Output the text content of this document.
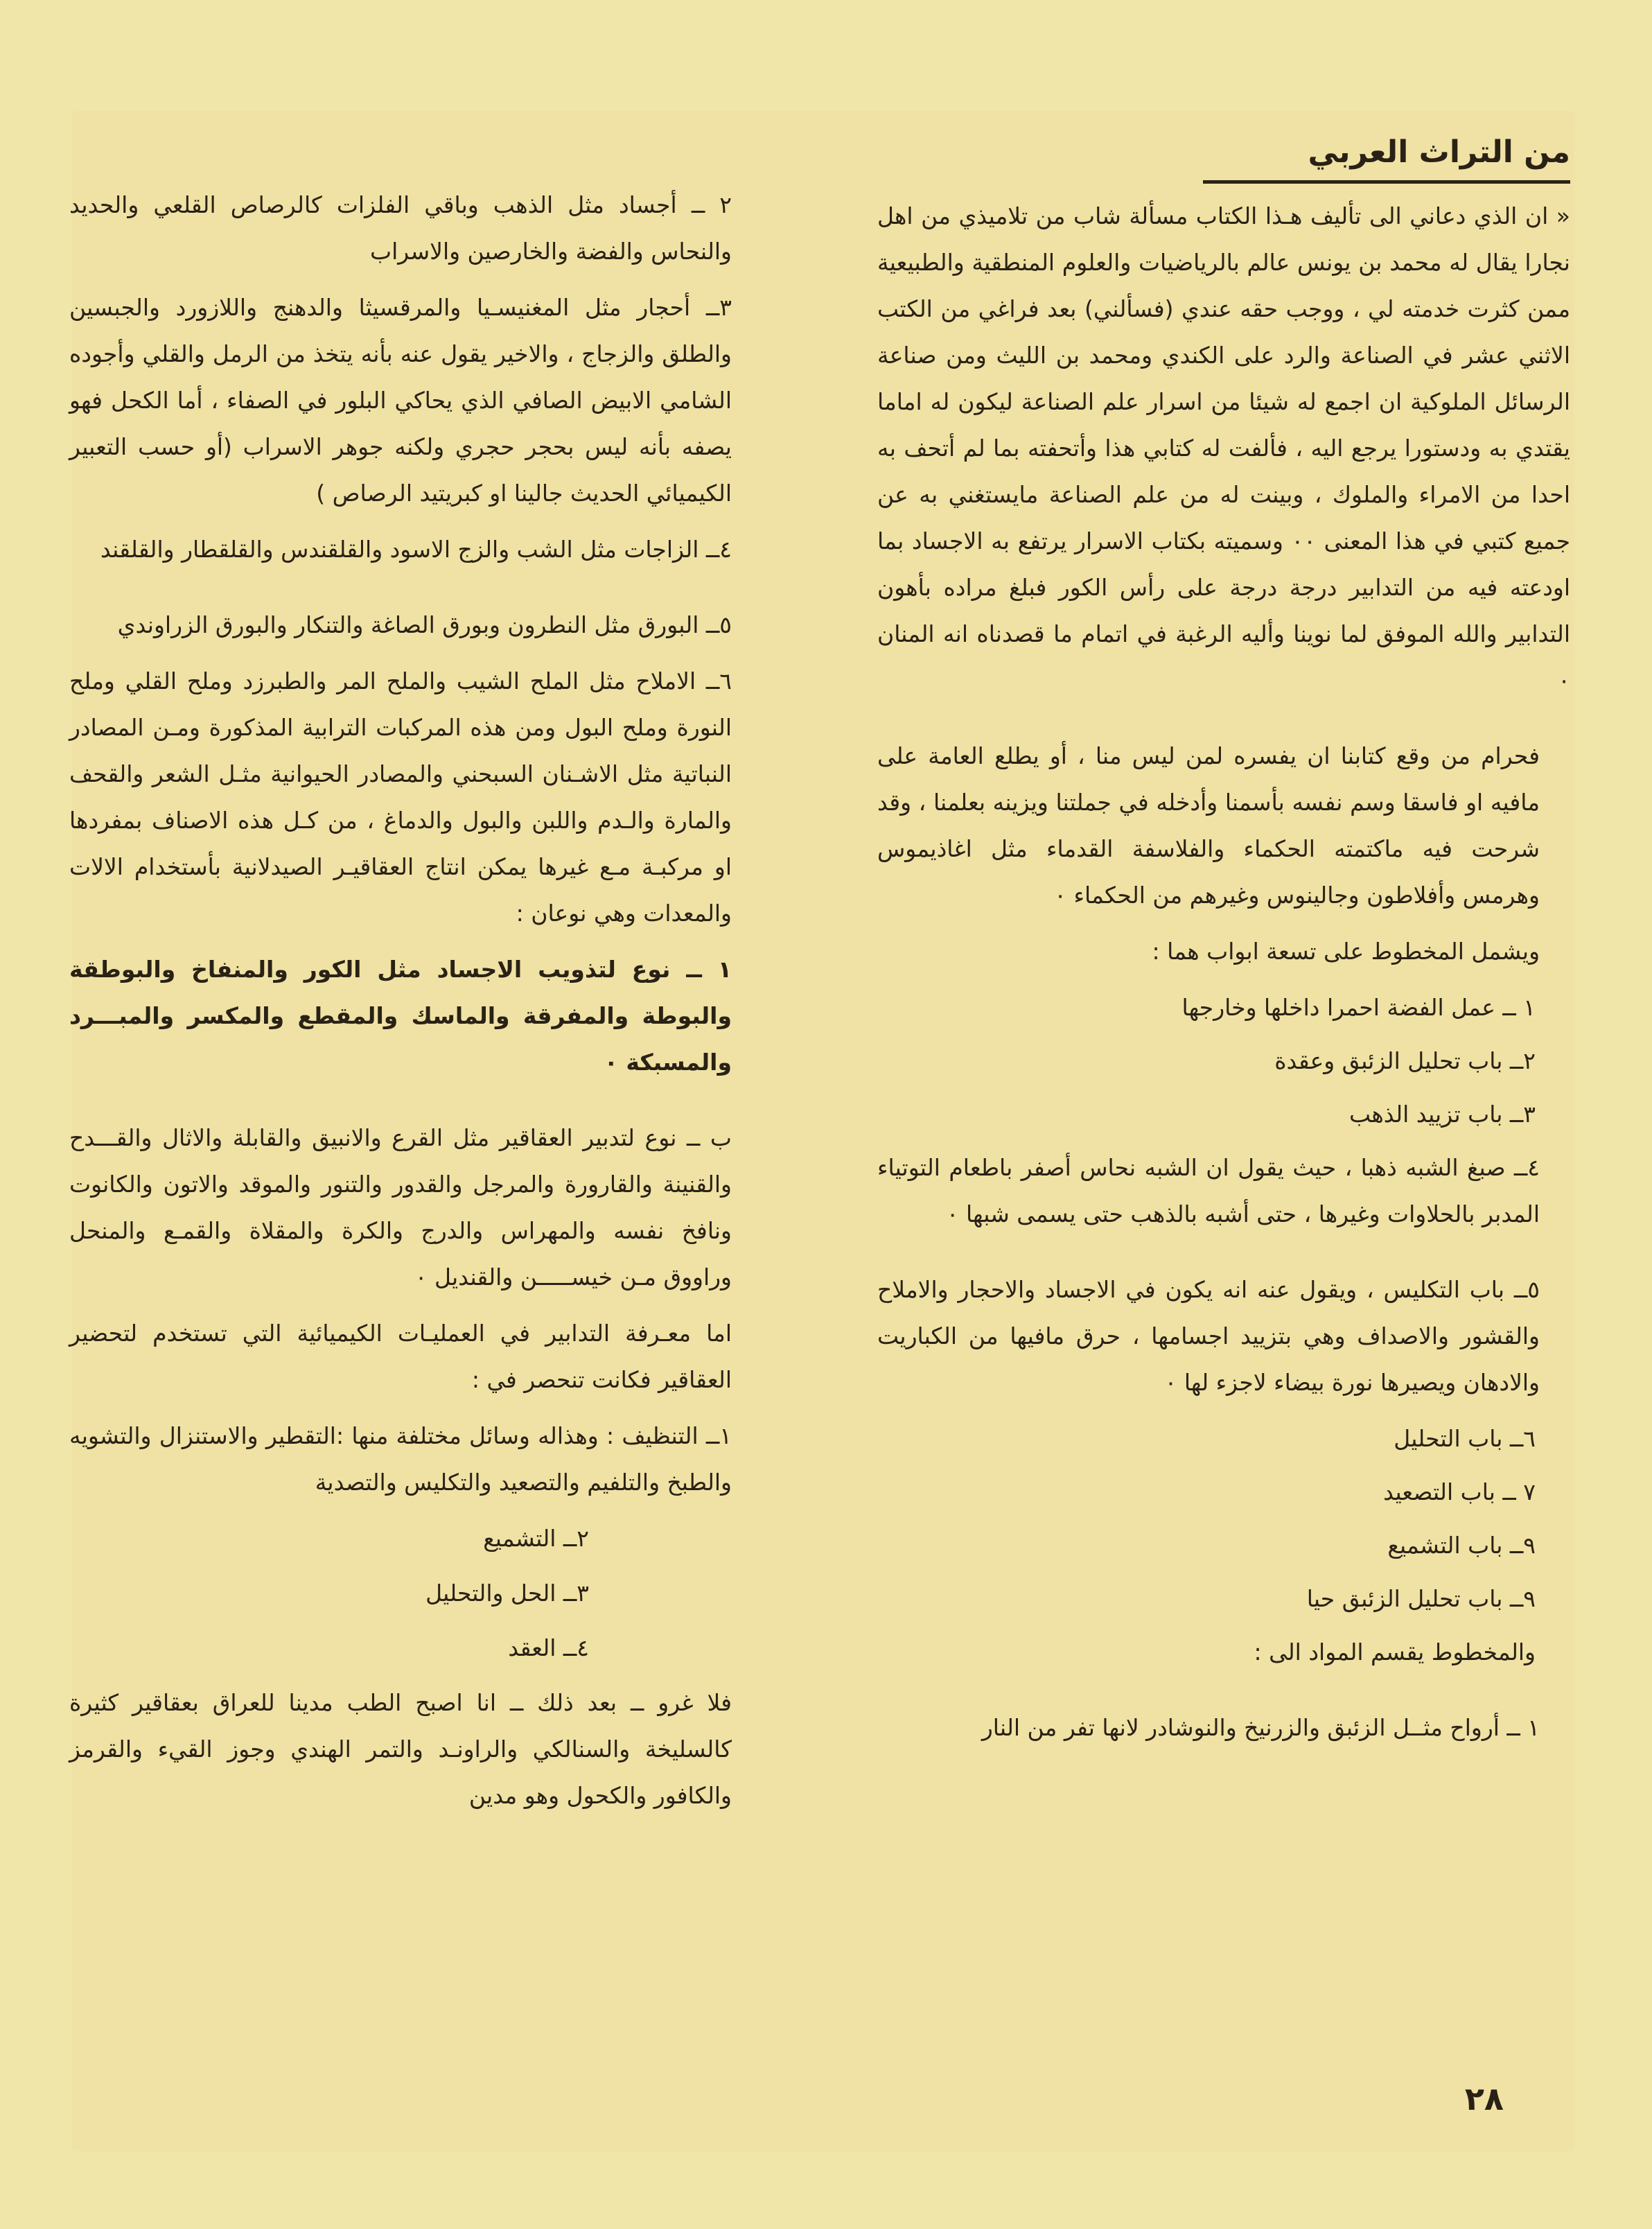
من التراث العربي

« ان الذي دعاني الى تأليف هـذا الكتاب مسألة شاب من تلاميذي من اهل نجارا يقال له محمد بن يونس عالم بالرياضيات والعلوم المنطقية والطبيعية ممن كثرت خدمته لي ، ووجب حقه عندي (فسألني) بعد فراغي من الكتب الاثني عشر في الصناعة والرد على الكندي ومحمد بن الليث ومن صناعة الرسائل الملوكية ان اجمع له شيئا من اسرار علم الصناعة ليكون له اماما يقتدي به ودستورا يرجع اليه ، فألفت له كتابي هذا وأتحفته بما لم أتحف به احدا من الامراء والملوك ، وبينت له من علم الصناعة مايستغني به عن جميع كتبي في هذا المعنى ٠٠ وسميته بكتاب الاسرار يرتفع به الاجساد بما اودعته فيه من التدابير درجة درجة على رأس الكور فبلغ مراده بأهون التدابير والله الموفق لما نوينا وأليه الرغبة في اتمام ما قصدناه انه المنان ٠

فحرام من وقع كتابنا ان يفسره لمن ليس منا ، أو يطلع العامة على مافيه او فاسقا وسم نفسه بأسمنا وأدخله في جملتنا ويزينه بعلمنا ، وقد شرحت فيه ماكتمته الحكماء والفلاسفة القدماء مثل اغاذيموس وهرمس وأفلاطون وجالينوس وغيرهم من الحكماء ٠

ويشمل المخطوط على تسعة ابواب هما :

١ ــ عمل الفضة احمرا داخلها وخارجها

٢ــ باب تحليل الزئبق وعقدة

٣ــ باب تزييد الذهب

٤ــ صبغ الشبه ذهبا ، حيث يقول ان الشبه نحاس أصفر باطعام التوتياء المدبر بالحلاوات وغيرها ، حتى أشبه بالذهب حتى يسمى شبها ٠

٥ــ باب التكليس ، ويقول عنه انه يكون في الاجساد والاحجار والاملاح والقشور والاصداف وهي بتزييد اجسامها ، حرق مافيها من الكباريت والادهان ويصيرها نورة بيضاء لاجزء لها ٠

٦ــ باب التحليل

٧ ــ باب التصعيد

٩ــ باب التشميع

٩ــ باب تحليل الزئبق حيا

والمخطوط يقسم المواد الى :

١ ــ أرواح مثــل الزئبق والزرنيخ والنوشادر لانها تفر من النار

٢ ــ أجساد مثل الذهب وباقي الفلزات كالرصاص القلعي والحديد والنحاس والفضة والخارصين والاسراب

٣ــ أحجار مثل المغنيسـيا والمرقسيثا والدهنج واللازورد والجبسين والطلق والزجاج ، والاخير يقول عنه بأنه يتخذ من الرمل والقلي وأجوده الشامي الابيض الصافي الذي يحاكي البلور في الصفاء ، أما الكحل فهو يصفه بأنه ليس بحجر حجري ولكنه جوهر الاسراب (أو حسب التعبير الكيميائي الحديث جالينا او كبريتيد الرصاص )

٤ــ الزاجات مثل الشب والزج الاسود والقلقندس والقلقطار والقلقند

٥ــ البورق مثل النطرون وبورق الصاغة والتنكار والبورق الزراوندي

٦ــ الاملاح مثل الملح الشيب والملح المر والطبرزد وملح القلي وملح النورة وملح البول ومن هذه المركبات الترابية المذكورة ومـن المصادر النباتية مثل الاشـنان السبحني والمصادر الحيوانية مثـل الشعر والقحف والمارة والـدم واللبن والبول والدماغ ، من كـل هذه الاصناف بمفردها او مركبـة مـع غيرها يمكن انتاج العقاقيـر الصيدلانية بأستخدام الالات والمعدات وهي نوعان :

١ ــ نوع لتذويب الاجساد مثل الكور والمنفاخ والبوطقة والبوطة والمفرقة والماسك والمقطع والمكسر والمبـــرد والمسبكة ٠

ب ــ نوع لتدبير العقاقير مثل القرع والانبيق والقابلة والاثال والقـــدح والقنينة والقارورة والمرجل والقدور والتنور والموقد والاتون والكانوت ونافخ نفسه والمهراس والدرج والكرة والمقلاة والقمـع والمنحل وراووق مـن خيســـــن والقنديل ٠

اما معـرفة التدابير في العمليـات الكيميائية التي تستخدم لتحضير العقاقير فكانت تنحصر في :

١ــ التنظيف : وهذاله وسائل مختلفة منها :التقطير والاستنزال والتشويه والطبخ والتلفيم والتصعيد والتكليس والتصدية

٢ــ التشميع

٣ــ الحل والتحليل

٤ــ العقد

فلا غرو ــ بعد ذلك ــ انا اصبح الطب مدينا للعراق بعقاقير كثيرة كالسليخة والسنالكي والراونـد والتمر الهندي وجوز القيء والقرمز والكافور والكحول وهو مدين

٢٨
